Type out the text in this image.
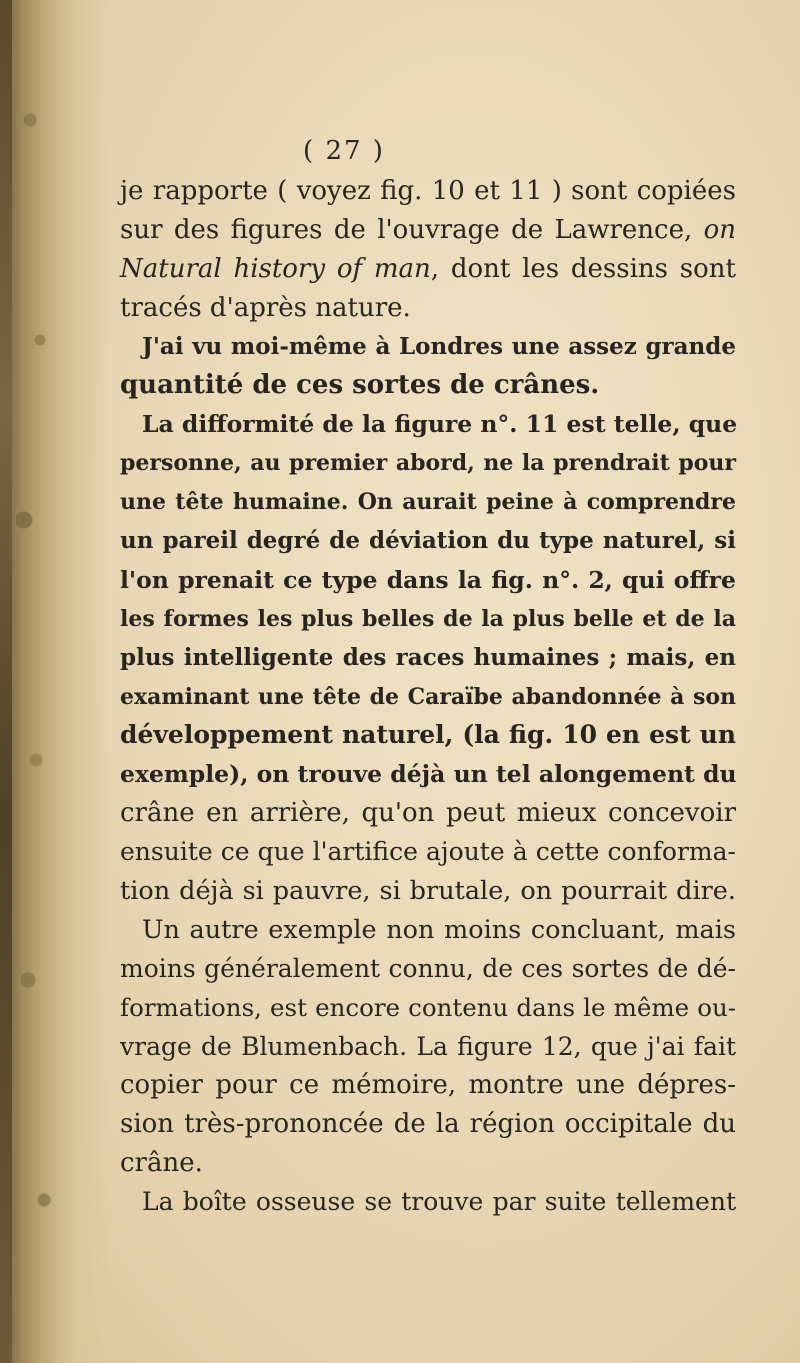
( 27 )
je rapporte ( voyez fig. 10 et 11 ) sont copiées
sur des figures de l'ouvrage de Lawrence, on
Natural history of man, dont les dessins sont
tracés d'après nature.
J'ai vu moi-même à Londres une assez grande
quantité de ces sortes de crânes.
La difformité de la figure n°. 11 est telle, que
personne, au premier abord, ne la prendrait pour
une tête humaine. On aurait peine à comprendre
un pareil degré de déviation du type naturel, si
l'on prenait ce type dans la fig. n°. 2, qui offre
les formes les plus belles de la plus belle et de la
plus intelligente des races humaines ; mais, en
examinant une tête de Caraïbe abandonnée à son
développement naturel, (la fig. 10 en est un
exemple), on trouve déjà un tel alongement du
crâne en arrière, qu'on peut mieux concevoir
ensuite ce que l'artifice ajoute à cette conforma-
tion déjà si pauvre, si brutale, on pourrait dire.
Un autre exemple non moins concluant, mais
moins généralement connu, de ces sortes de dé-
formations, est encore contenu dans le même ou-
vrage de Blumenbach. La figure 12, que j'ai fait
copier pour ce mémoire, montre une dépres-
sion très-prononcée de la région occipitale du
crâne.
La boîte osseuse se trouve par suite tellement
